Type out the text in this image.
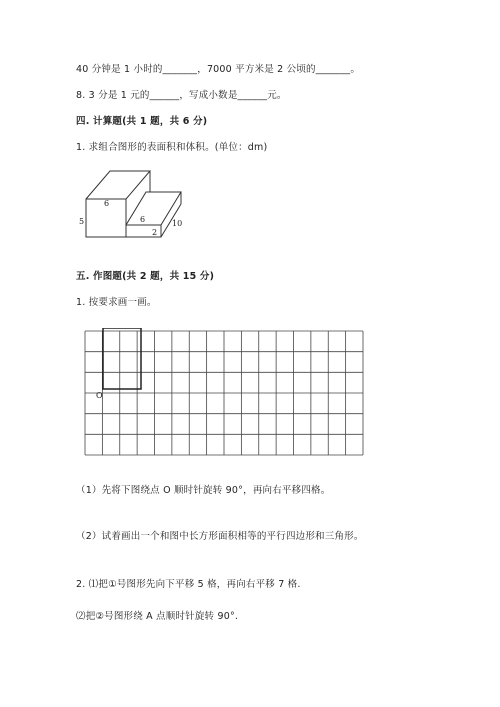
40 分钟是 1 小时的_______，7000 平方米是 2 公顷的_______。
8. 3 分是 1 元的______，写成小数是______元。
四. 计算题(共 1 题，共 6 分)
1. 求组合图形的表面积和体积。(单位：dm)
6
5	6
2
10
五. 作图题(共 2 题，共 15 分)
1. 按要求画一画。
O
（1）先将下图绕点 O 顺时针旋转 90°，再向右平移四格。
（2）试着画出一个和图中长方形面积相等的平行四边形和三角形。
2. ⑴把①号图形先向下平移 5 格，再向右平移 7 格.
⑵把②号图形绕 A 点顺时针旋转 90°.
